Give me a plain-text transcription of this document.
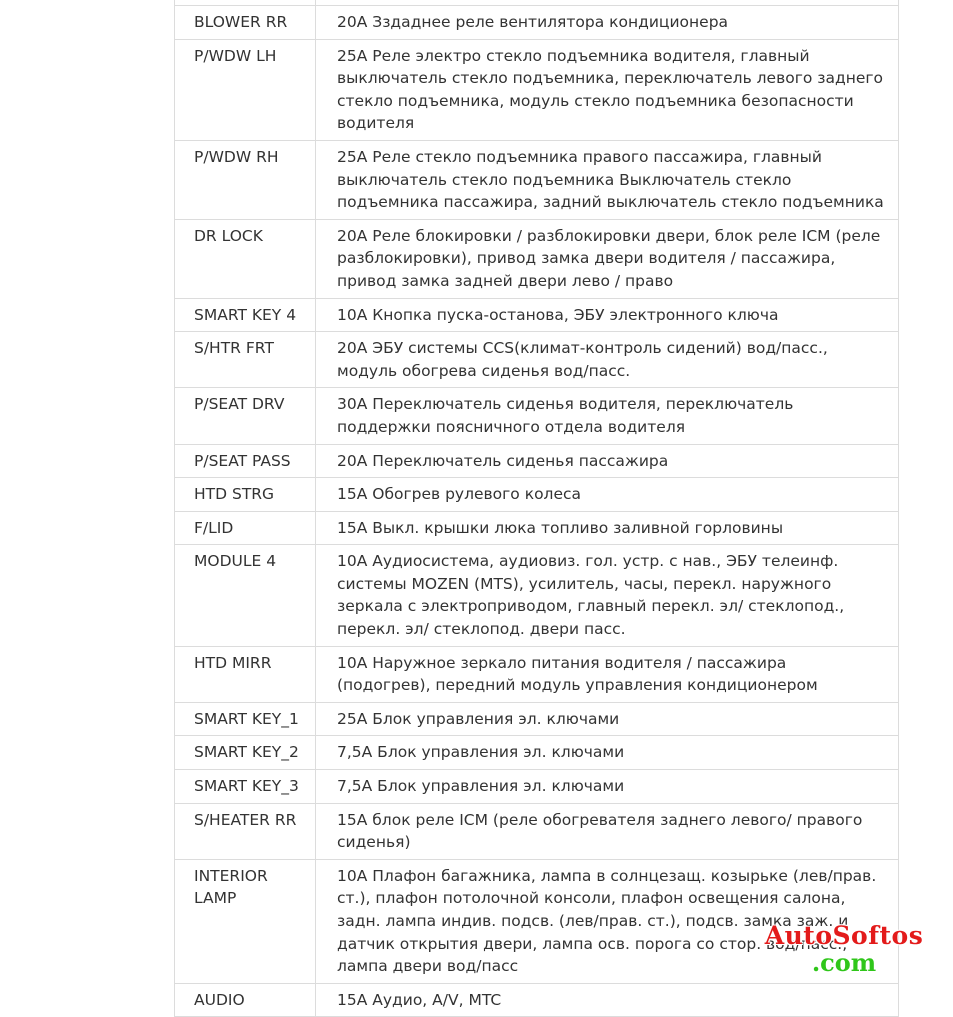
BLOWER RR	20А Зздаднее реле вентилятора кондиционера
P/WDW LH	25А Реле электро стекло подъемника водителя, главный выключатель стекло подъемника, переключатель левого заднего стекло подъемника, модуль стекло подъемника безопасности водителя
P/WDW RH	25А Реле стекло подъемника правого пассажира, главный выключатель стекло подъемника Выключатель стекло подъемника пассажира, задний выключатель стекло подъемника
DR LOCK	20А Реле блокировки / разблокировки двери, блок реле ICM (реле разблокировки), привод замка двери водителя / пассажира, привод замка задней двери лево / право
SMART KEY 4	10А Кнопка пуска-останова, ЭБУ электронного ключа
S/HTR FRT	20А ЭБУ системы CCS(климат-контроль сидений) вод/пасс., модуль обогрева сиденья вод/пасс.
P/SEAT DRV	30А Переключатель сиденья водителя, переключатель поддержки поясничного отдела водителя
P/SEAT PASS	20А Переключатель сиденья пассажира
HTD STRG	15А Обогрев рулевого колеса
F/LID	15А Выкл. крышки люка топливо заливной горловины
MODULE 4	10А Аудиосистема, аудиовиз. гол. устр. с нав., ЭБУ телеинф. системы MOZEN (MTS), усилитель, часы, перекл. наружного зеркала с электроприводом, главный перекл. эл/ стеклопод., перекл. эл/ стеклопод. двери пасс.
HTD MIRR	10А Наружное зеркало питания водителя / пассажира (подогрев), передний модуль управления кондиционером
SMART KEY_1	25А Блок управления эл. ключами
SMART KEY_2	7,5А Блок управления эл. ключами
SMART KEY_3	7,5А Блок управления эл. ключами
S/HEATER RR	15А блок реле ICM (реле обогревателя заднего левого/ правого сиденья)
INTERIOR LAMP	10А Плафон багажника, лампа в солнцезащ. козырьке (лев/прав. ст.), плафон потолочной консоли, плафон освещения салона, задн. лампа индив. подсв. (лев/прав. ст.), подсв. замка заж. и датчик открытия двери, лампа осв. порога со стор. вод/пасс., лампа двери вод/пасс
AUDIO	15А Аудио, А/V, MTC
AutoSoftos
.com
